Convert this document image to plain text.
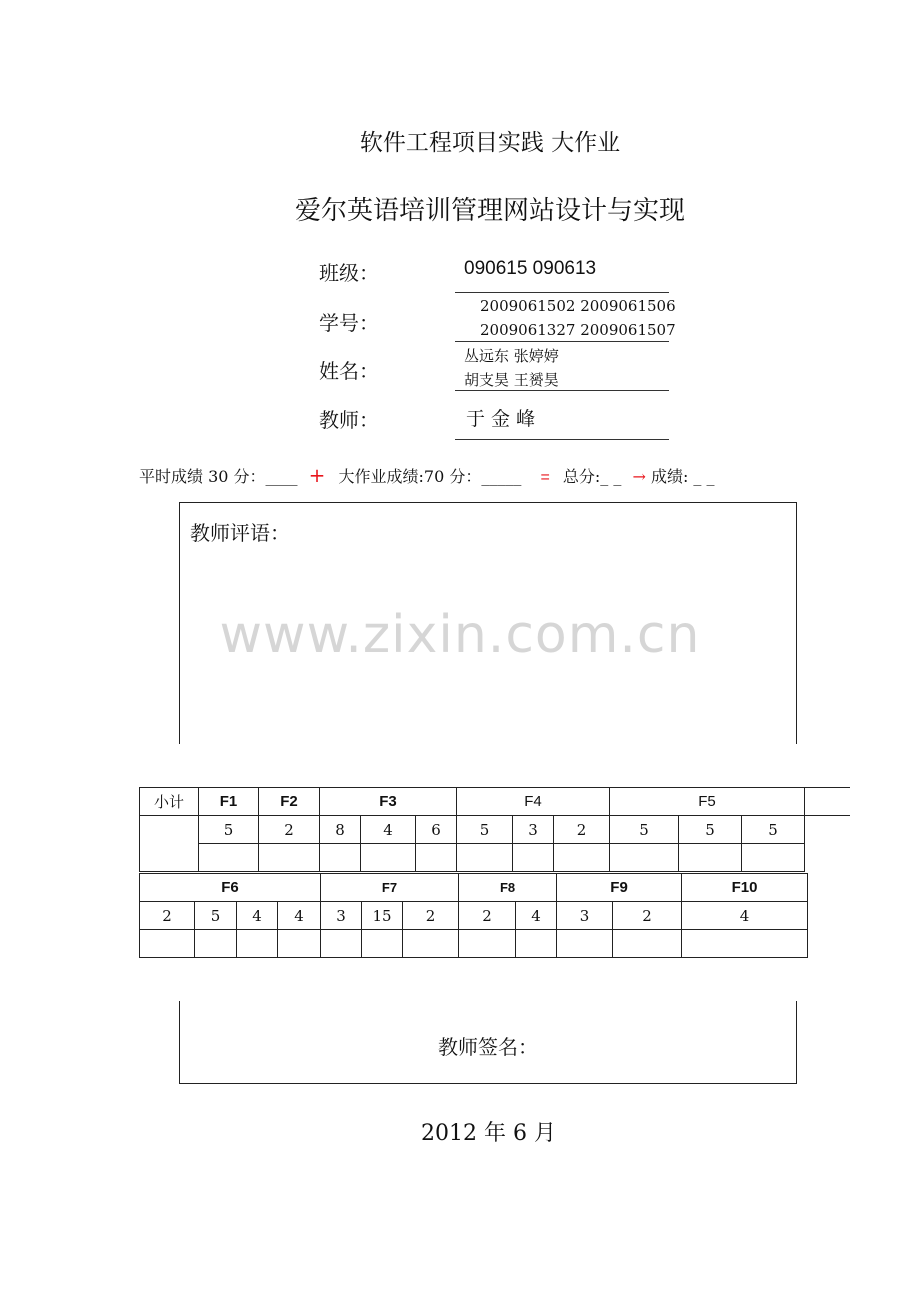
软件工程项目实践 大作业
爱尔英语培训管理网站设计与实现
班级：	090615 090613
学号：
2009061502 2009061506
2009061327 2009061507
姓名：
丛远东 张婷婷
胡支昊 王赟昊
教师：	于 金 峰
平时成绩 30 分：____ + 大作业成绩:70 分：_____ = 总分:_ _ → 成绩: _ _
教师评语：
www.zixin.com.cn
小计	F1	F2	F3			F4			F5			
	5	2	8	4	6	5	3	2	5	5	5	

F6				F7			F8		F9		F10
2	5	4	4	3	15	2	2	4	3	2	4

教师签名：
2012 年 6 月
